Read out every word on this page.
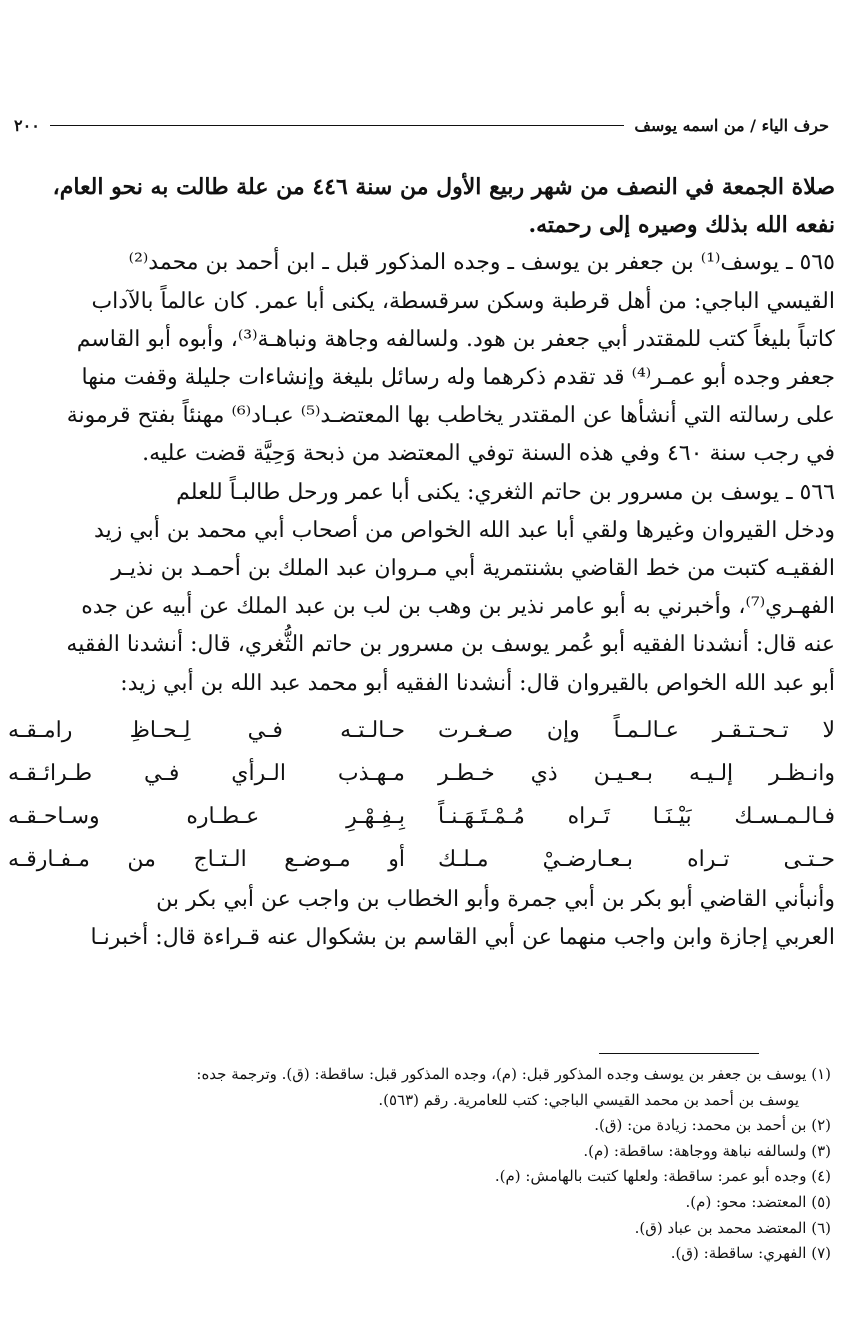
حرف الياء / من اسمه يوسف
٢٠٠

صلاة الجمعة في النصف من شهر ربيع الأول من سنة ٤٤٦ من علة طالت به نحو العام،

نفعه الله بذلك وصيره إلى رحمته.

٥٦٥ ـ يوسف⁽¹⁾ بن جعفر بن يوسف ـ وجده المذكور قبل ـ ابن أحمد بن محمد⁽²⁾

القيسي الباجي: من أهل قرطبة وسكن سرقسطة، يكنى أبا عمر. كان عالماً بالآداب

كاتباً بليغاً كتب للمقتدر أبي جعفر بن هود. ولسالفه وجاهة ونباهـة⁽³⁾، وأبوه أبو القاسم

جعفر وجده أبو عمـر⁽⁴⁾ قد تقدم ذكرهما وله رسائل بليغة وإنشاءات جليلة وقفت منها

على رسالته التي أنشأها عن المقتدر يخاطب بها المعتضـد⁽⁵⁾ عبـاد⁽⁶⁾ مهنئاً بفتح قرمونة

في رجب سنة ٤٦٠ وفي هذه السنة توفي المعتضد من ذبحة وَحِيَّة قضت عليه.

٥٦٦ ـ يوسف بن مسرور بن حاتم الثغري: يكنى أبا عمر ورحل طالبـاً للعلم

ودخل القيروان وغيرها ولقي أبا عبد الله الخواص من أصحاب أبي محمد بن أبي زيد

الفقيـه كتبت من خط القاضي بشنتمرية أبي مـروان عبد الملك بن أحمـد بن نذيـر

الفهـري⁽⁷⁾، وأخبرني به أبو عامر نذير بن وهب بن لب بن عبد الملك عن أبيه عن جده

عنه قال: أنشدنا الفقيه أبو عُمر يوسف بن مسرور بن حاتم الثُّغري، قال: أنشدنا الفقيه

أبو عبد الله الخواص بالقيروان قال: أنشدنا الفقيه أبو محمد عبد الله بن أبي زيد:

لا تـحـتـقـر عـالـمـاً وإن صـغـرت
حـالـتـه فـي لِـحـاظِ رامـقـه
وانـظـر إلـيـه بـعـيـن ذي خـطـر
مـهـذب الـرأي فـي طـرائـقـه
فـالـمـسـك بَيْـنَـا تَـراه مُـمْـتَـهَـنـاً
بِـفِـهْـرِ عـطـاره وسـاحـقـه
حـتـى تـراه بـعـارضـيْ مـلـك
أو مـوضـع الـتـاج من مـفـارقـه

وأنبأني القاضي أبو بكر بن أبي جمرة وأبو الخطاب بن واجب عن أبي بكر بن

العربي إجازة وابن واجب منهما عن أبي القاسم بن بشكوال عنه قـراءة قال: أخبرنـا

(١) يوسف بن جعفر بن يوسف وجده المذكور قبل: (م)، وجده المذكور قبل: ساقطة: (ق). وترجمة جده:
يوسف بن أحمد بن محمد القيسي الباجي: كتب للعامرية. رقم (٥٦٣).
(٢) بن أحمد بن محمد: زيادة من: (ق).
(٣) ولسالفه نباهة ووجاهة: ساقطة: (م).
(٤) وجده أبو عمر: ساقطة: ولعلها كتبت بالهامش: (م).
(٥) المعتضد: محو: (م).
(٦) المعتضد محمد بن عباد (ق).
(٧) الفهري: ساقطة: (ق).
